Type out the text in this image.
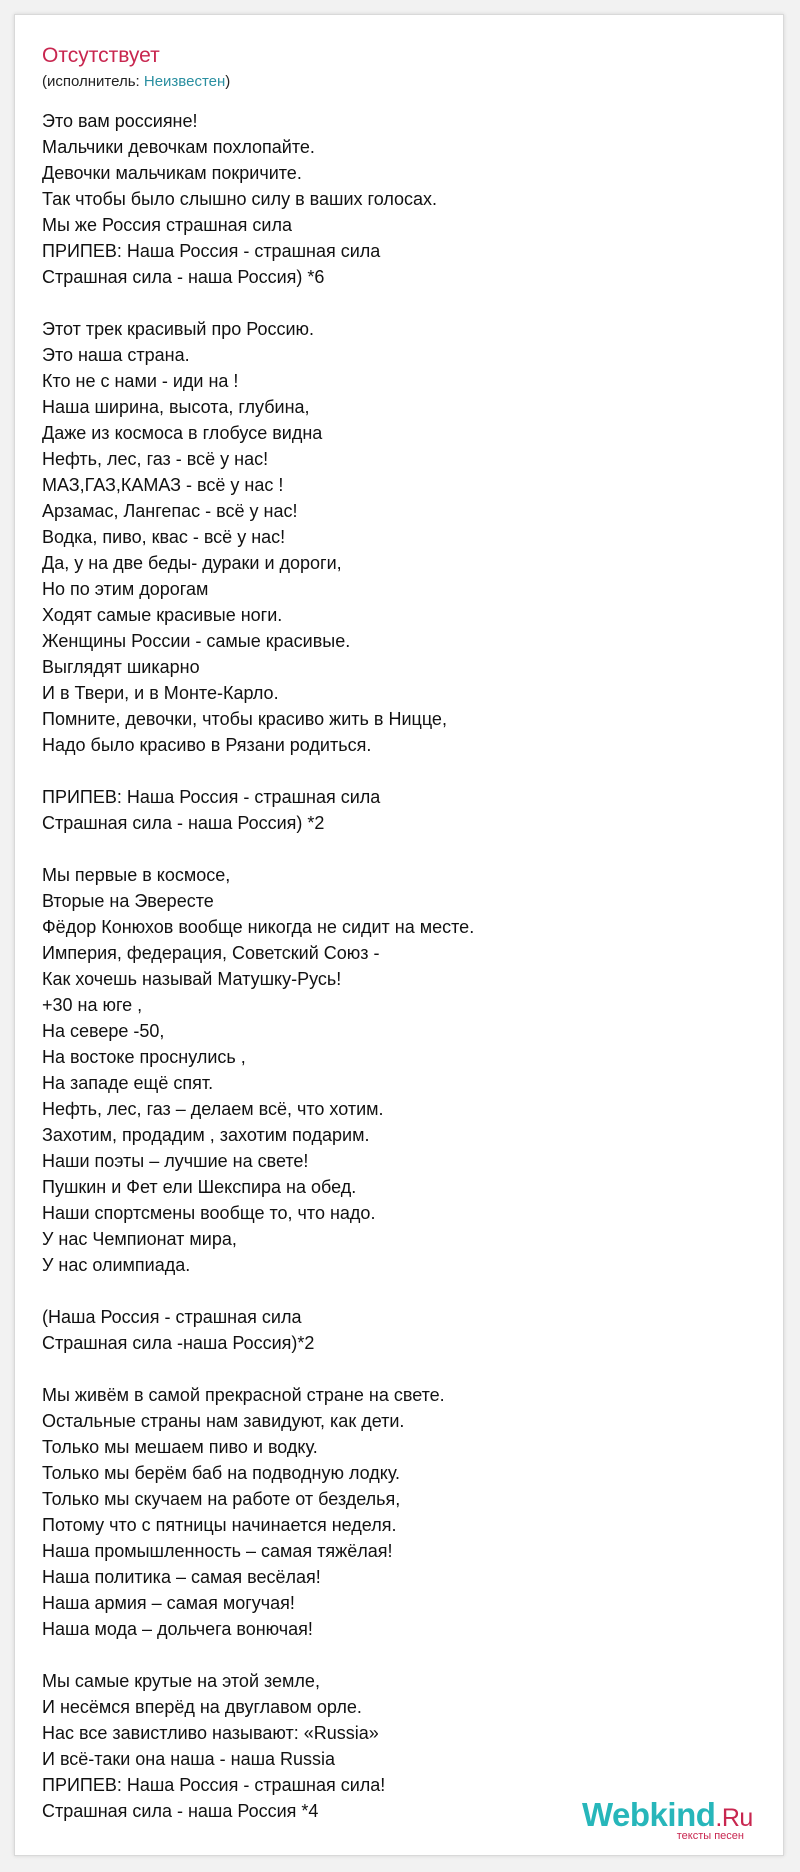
Отсутствует
(исполнитель: Неизвестен)
Это вам россияне!
Мальчики девочкам похлопайте.
Девочки мальчикам покричите.
Так чтобы было слышно силу в ваших голосах.
Мы же Россия страшная сила
ПРИПЕВ: Наша Россия - страшная сила
Страшная сила - наша Россия) *6
Этот трек красивый про Россию.
Это наша страна.
Кто не с нами - иди на !
Наша ширина, высота, глубина,
Даже из космоса в глобусе видна
Нефть, лес, газ - всё у нас!
МАЗ,ГАЗ,КАМАЗ - всё у нас !
Арзамас, Лангепас - всё у нас!
Водка, пиво, квас - всё у нас!
Да, у на две беды- дураки и дороги,
Но по этим дорогам
Ходят самые красивые ноги.
Женщины России - самые красивые.
Выглядят шикарно
И в Твери, и в Монте-Карло.
Помните, девочки, чтобы красиво жить в Ницце,
Надо было красиво в Рязани родиться.
ПРИПЕВ: Наша Россия - страшная сила
Страшная сила - наша Россия) *2
Мы первые в космосе,
Вторые на Эвересте
Фёдор Конюхов вообще никогда не сидит на месте.
Империя, федерация, Советский Союз -
Как хочешь называй Матушку-Русь!
+30 на юге ,
На севере -50,
На востоке проснулись ,
На западе ещё спят.
Нефть, лес, газ – делаем всё, что хотим.
Захотим, продадим , захотим подарим.
Наши поэты – лучшие на свете!
Пушкин и Фет ели Шекспира на обед.
Наши спортсмены вообще то, что надо.
У нас Чемпионат мира,
У нас олимпиада.
(Наша Россия - страшная сила
Страшная сила -наша Россия)*2
Мы живём в самой прекрасной стране на свете.
Остальные страны нам завидуют, как дети.
Только мы мешаем пиво и водку.
Только мы берём баб на подводную лодку.
Только мы скучаем на работе от безделья,
Потому что с пятницы начинается неделя.
Наша промышленность – самая тяжёлая!
Наша политика – самая весёлая!
Наша армия – самая могучая!
Наша мода – дольчега вонючая!
Мы самые крутые на этой земле,
И несёмся вперёд на двуглавом орле.
Нас все завистливо называют: «Russia»
И всё-таки она наша - наша Russia
ПРИПЕВ: Наша Россия - страшная сила!
Страшная сила - наша Россия *4	Webkind.Ru
тексты песен
